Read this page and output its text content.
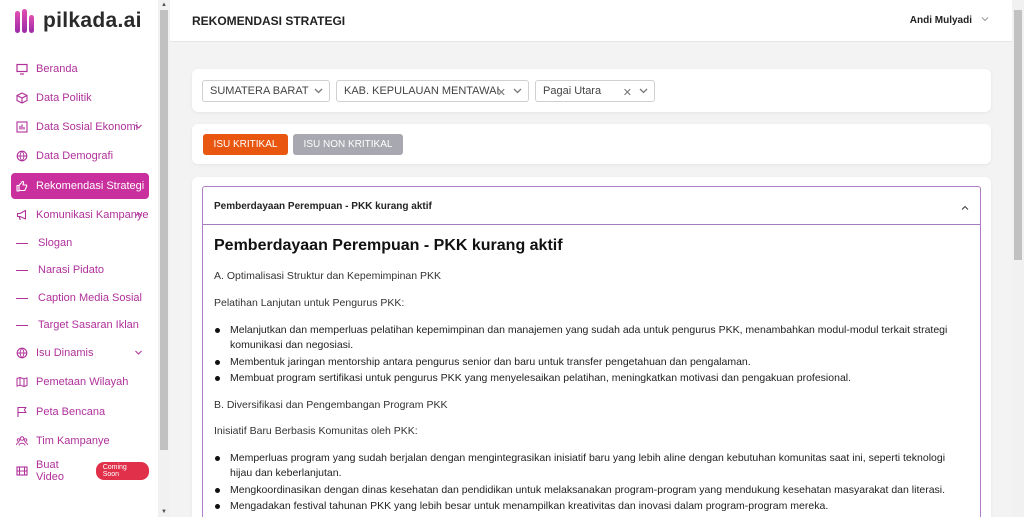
pilkada.ai
Beranda
Data Politik
Data Sosial Ekonomi
Data Demografi
Rekomendasi Strategi
Komunikasi Kampanye
Slogan
Narasi Pidato
Caption Media Sosial
Target Sasaran Iklan
Isu Dinamis
Pemetaan Wilayah
Peta Bencana
Tim Kampanye
Buat Video
Coming Soon
▲
▼
REKOMENDASI STRATEGI	Andi Mulyadi
SUMATERA BARAT	KAB. KEPULAUAN MENTAWAI
✕	Pagai Utara ✕
ISU KRITIKAL	ISU NON KRITIKAL
Pemberdayaan Perempuan - PKK kurang aktif
Pemberdayaan Perempuan - PKK kurang aktif
A. Optimalisasi Struktur dan Kepemimpinan PKK
Pelatihan Lanjutan untuk Pengurus PKK:
Melanjutkan dan memperluas pelatihan kepemimpinan dan manajemen yang sudah ada untuk pengurus PKK, menambahkan modul-modul terkait strategi komunikasi dan negosiasi.
Membentuk jaringan mentorship antara pengurus senior dan baru untuk transfer pengetahuan dan pengalaman.
Membuat program sertifikasi untuk pengurus PKK yang menyelesaikan pelatihan, meningkatkan motivasi dan pengakuan profesional.
B. Diversifikasi dan Pengembangan Program PKK
Inisiatif Baru Berbasis Komunitas oleh PKK:
Memperluas program yang sudah berjalan dengan mengintegrasikan inisiatif baru yang lebih aline dengan kebutuhan komunitas saat ini, seperti teknologi hijau dan keberlanjutan.
Mengkoordinasikan dengan dinas kesehatan dan pendidikan untuk melaksanakan program-program yang mendukung kesehatan masyarakat dan literasi.
Mengadakan festival tahunan PKK yang lebih besar untuk menampilkan kreativitas dan inovasi dalam program-program mereka.
